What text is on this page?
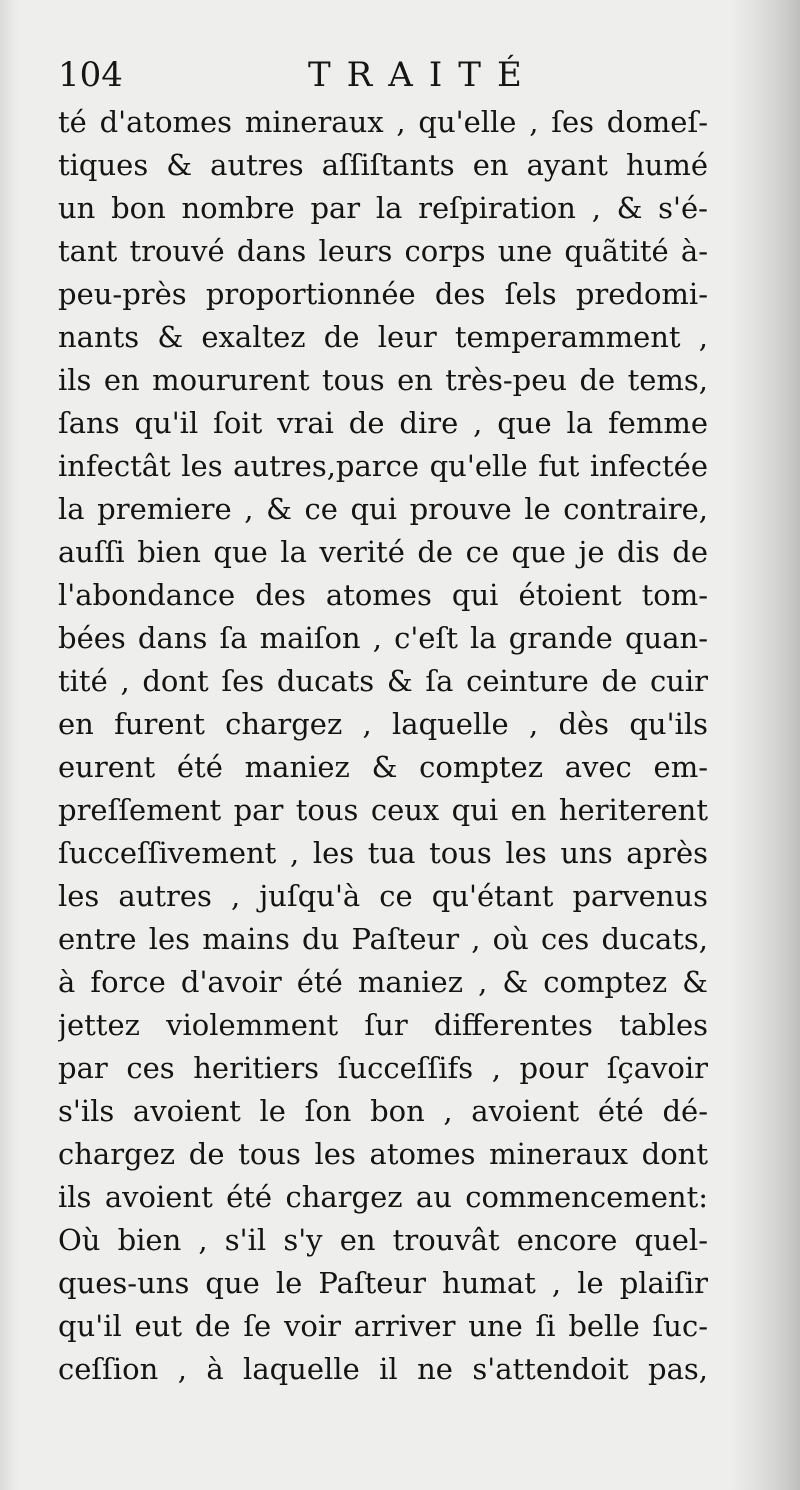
104	TRAITÉ
té d'atomes mineraux , qu'elle , ſes domeſ-
tiques & autres aſſiſtants en ayant humé
un bon nombre par la reſpiration , & s'é-
tant trouvé dans leurs corps une quãtité à-
peu-près proportionnée des ſels predomi-
nants & exaltez de leur temperamment ,
ils en moururent tous en très-peu de tems,
ſans qu'il ſoit vrai de dire , que la femme
infectât les autres,parce qu'elle fut infectée
la premiere , & ce qui prouve le contraire,
auſſi bien que la verité de ce que je dis de
l'abondance des atomes qui étoient tom-
bées dans ſa maiſon , c'eſt la grande quan-
tité , dont ſes ducats & ſa ceinture de cuir
en furent chargez , laquelle , dès qu'ils
eurent été maniez & comptez avec em-
preſſement par tous ceux qui en heriterent
ſucceſſivement , les tua tous les uns après
les autres , juſqu'à ce qu'étant parvenus
entre les mains du Paſteur , où ces ducats,
à force d'avoir été maniez , & comptez &
jettez violemment ſur differentes tables
par ces heritiers ſucceſſifs , pour ſçavoir
s'ils avoient le ſon bon , avoient été dé-
chargez de tous les atomes mineraux dont
ils avoient été chargez au commencement:
Où bien , s'il s'y en trouvât encore quel-
ques-uns que le Paſteur humat , le plaiſir
qu'il eut de ſe voir arriver une ſi belle ſuc-
ceſſion , à laquelle il ne s'attendoit pas,
